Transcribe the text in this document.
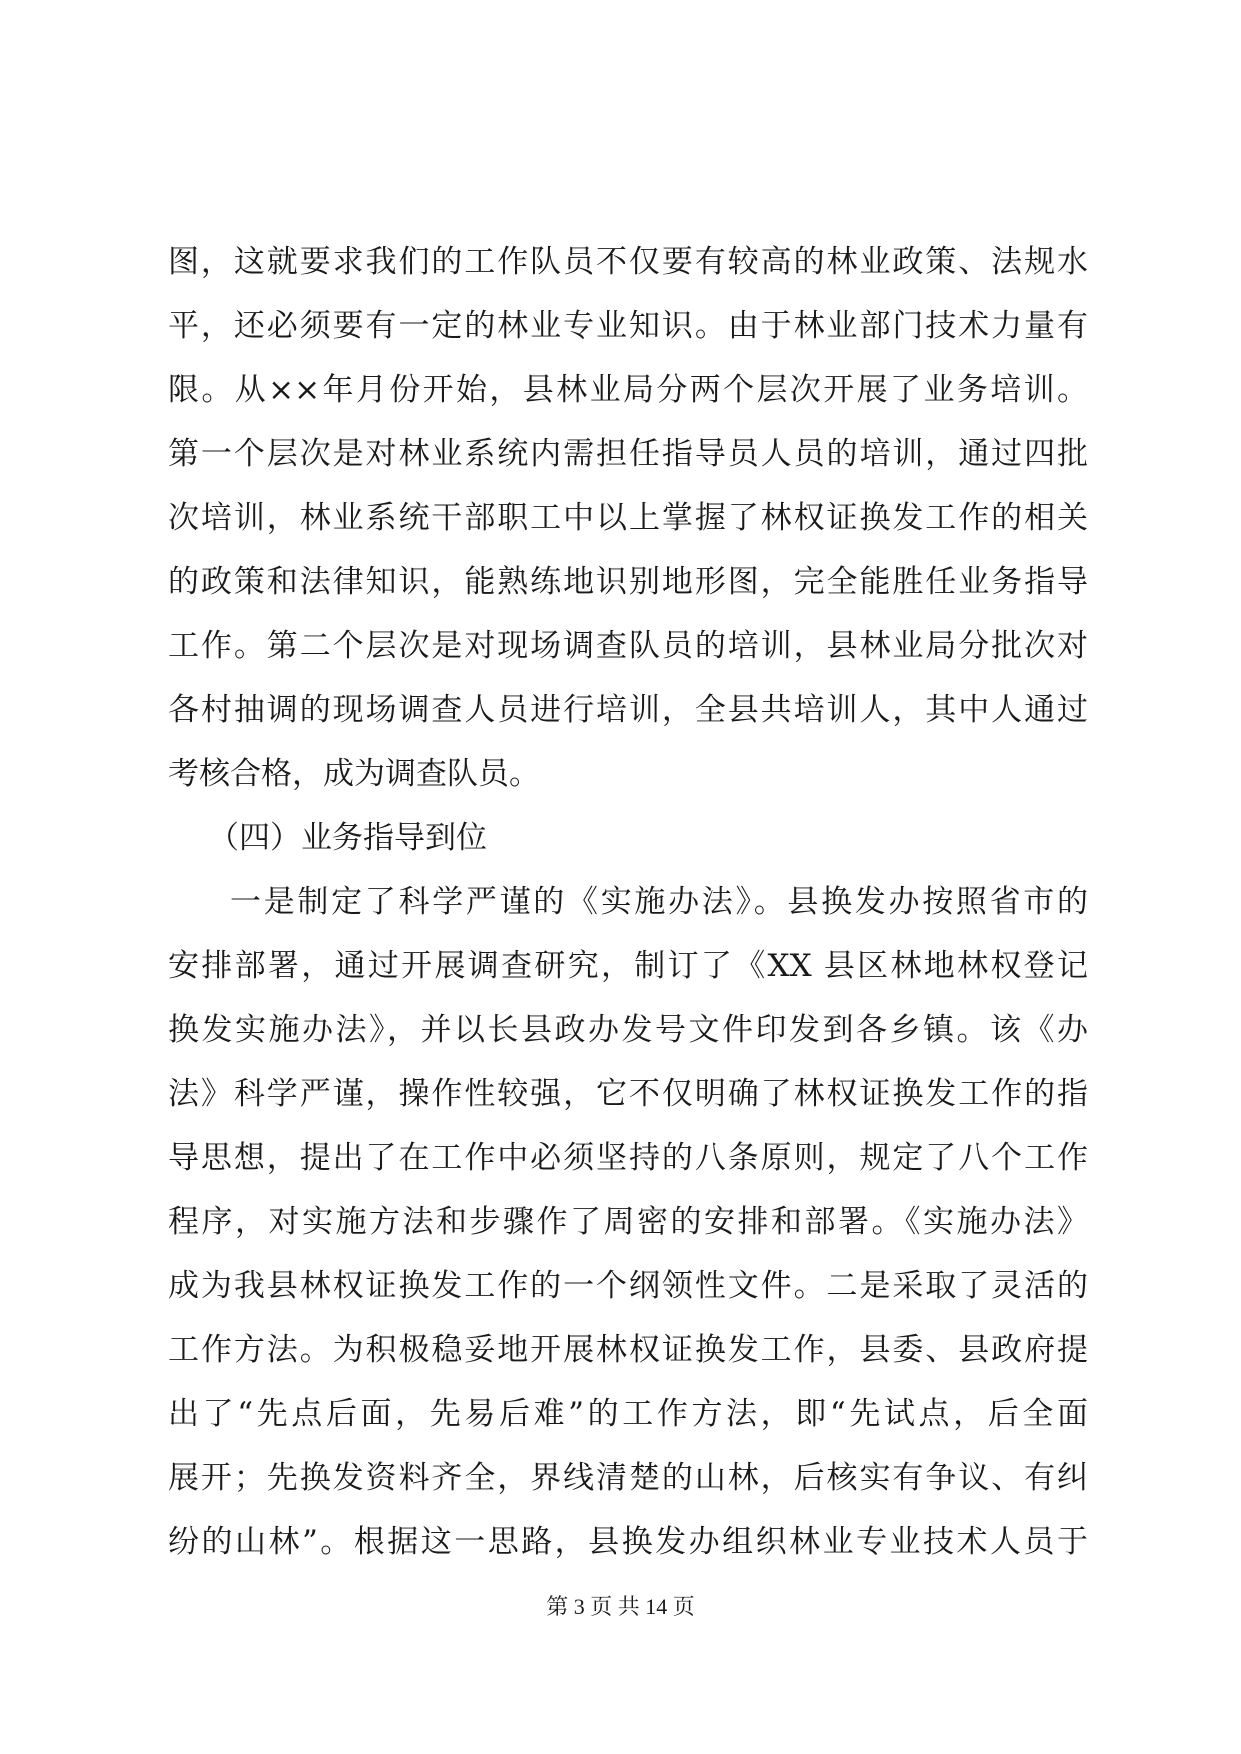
图，这就要求我们的工作队员不仅要有较高的林业政策、法规水
平，还必须要有一定的林业专业知识。由于林业部门技术力量有
限。从××年月份开始，县林业局分两个层次开展了业务培训。
第一个层次是对林业系统内需担任指导员人员的培训，通过四批
次培训，林业系统干部职工中以上掌握了林权证换发工作的相关
的政策和法律知识，能熟练地识别地形图，完全能胜任业务指导
工作。第二个层次是对现场调查队员的培训，县林业局分批次对
各村抽调的现场调查人员进行培训，全县共培训人，其中人通过
考核合格，成为调查队员。
（四）业务指导到位
一是制定了科学严谨的《实施办法》。县换发办按照省市的
安排部署，通过开展调查研究，制订了《XX 县区林地林权登记
换发实施办法》，并以长县政办发号文件印发到各乡镇。该《办
法》科学严谨，操作性较强，它不仅明确了林权证换发工作的指
导思想，提出了在工作中必须坚持的八条原则，规定了八个工作
程序，对实施方法和步骤作了周密的安排和部署。《实施办法》
成为我县林权证换发工作的一个纲领性文件。二是采取了灵活的
工作方法。为积极稳妥地开展林权证换发工作，县委、县政府提
出了“先点后面，先易后难”的工作方法，即“先试点，后全面
展开；先换发资料齐全，界线清楚的山林，后核实有争议、有纠
纷的山林”。根据这一思路，县换发办组织林业专业技术人员于
第 3 页 共 14 页
